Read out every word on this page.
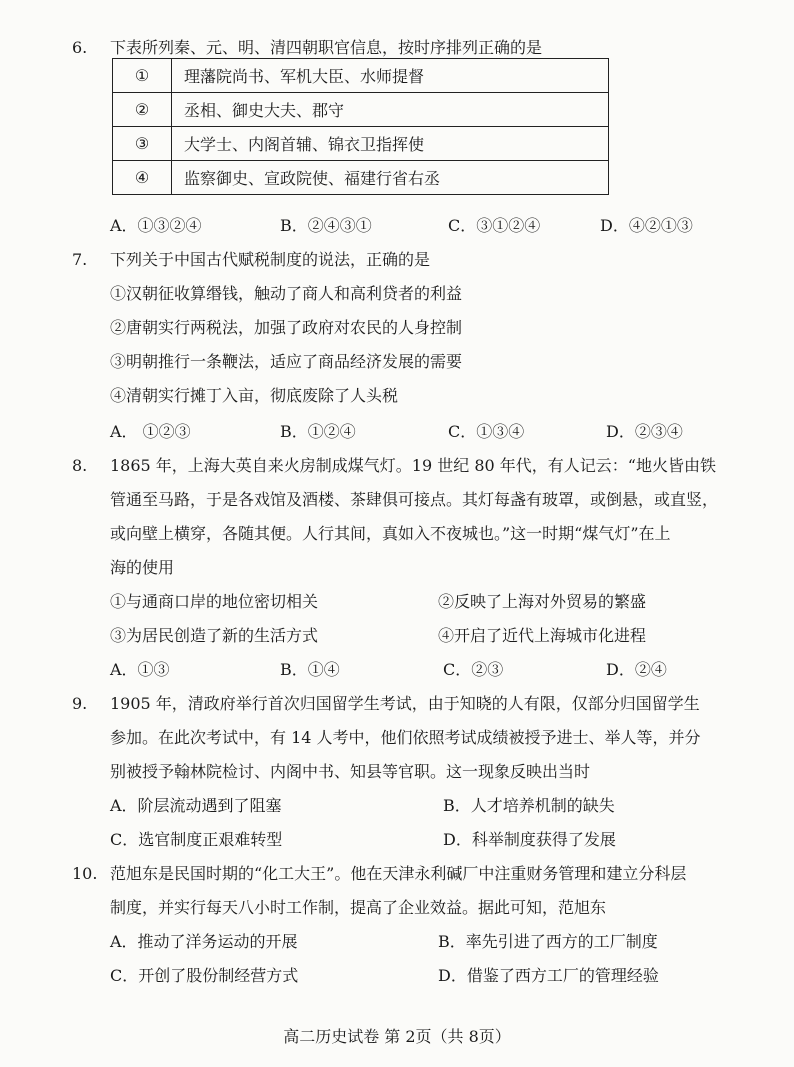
6.	下表所列秦、元、明、清四朝职官信息，按时序排列正确的是
①	理藩院尚书、军机大臣、水师提督
②	丞相、御史大夫、郡守
③	大学士、内阁首辅、锦衣卫指挥使
④	监察御史、宣政院使、福建行省右丞
A．①③②④	B．②④③①	C．③①②④	D．④②①③
7.	下列关于中国古代赋税制度的说法，正确的是
①汉朝征收算缗钱，触动了商人和高利贷者的利益
②唐朝实行两税法，加强了政府对农民的人身控制
③明朝推行一条鞭法，适应了商品经济发展的需要
④清朝实行摊丁入亩，彻底废除了人头税
A． ①②③	B．①②④	C．①③④	D．②③④
8.	1865 年，上海大英自来火房制成煤气灯。19 世纪 80 年代，有人记云：“地火皆由铁
管通至马路，于是各戏馆及酒楼、茶肆俱可接点。其灯每盏有玻罩，或倒悬，或直竖，
或向壁上横穿，各随其便。人行其间，真如入不夜城也。”这一时期“煤气灯”在上
海的使用
①与通商口岸的地位密切相关	②反映了上海对外贸易的繁盛
③为居民创造了新的生活方式	④开启了近代上海城市化进程
A．①③	B．①④	C．②③	D．②④
9.	1905 年，清政府举行首次归国留学生考试，由于知晓的人有限，仅部分归国留学生
参加。在此次考试中，有 14 人考中，他们依照考试成绩被授予进士、举人等，并分
别被授予翰林院检讨、内阁中书、知县等官职。这一现象反映出当时
A．阶层流动遇到了阻塞	B．人才培养机制的缺失
C．选官制度正艰难转型	D．科举制度获得了发展
10. 范旭东是民国时期的“化工大王”。他在天津永利碱厂中注重财务管理和建立分科层
制度，并实行每天八小时工作制，提高了企业效益。据此可知，范旭东
A．推动了洋务运动的开展	B．率先引进了西方的工厂制度
C．开创了股份制经营方式	D．借鉴了西方工厂的管理经验
高二历史试卷 第 2页（共 8页）
